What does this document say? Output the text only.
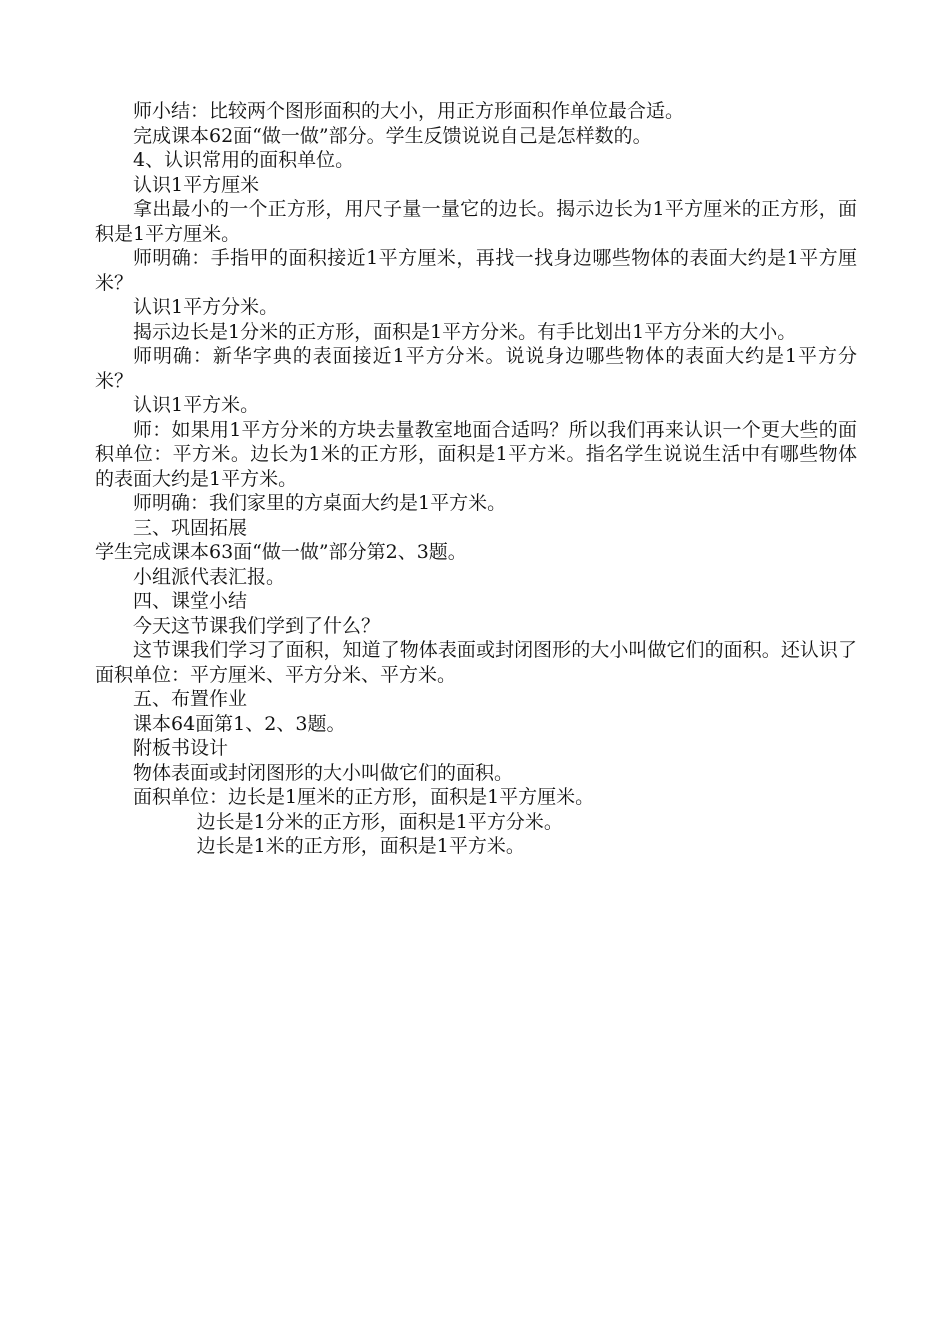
师小结：比较两个图形面积的大小，用正方形面积作单位最合适。

完成课本62面“做一做”部分。学生反馈说说自己是怎样数的。

4、认识常用的面积单位。

认识1平方厘米

拿出最小的一个正方形，用尺子量一量它的边长。揭示边长为1平方厘米的正方形，面积是1平方厘米。

师明确：手指甲的面积接近1平方厘米，再找一找身边哪些物体的表面大约是1平方厘米？

认识1平方分米。

揭示边长是1分米的正方形，面积是1平方分米。有手比划出1平方分米的大小。

师明确：新华字典的表面接近1平方分米。说说身边哪些物体的表面大约是1平方分米？

认识1平方米。

师：如果用1平方分米的方块去量教室地面合适吗？所以我们再来认识一个更大些的面积单位：平方米。边长为1米的正方形，面积是1平方米。指名学生说说生活中有哪些物体的表面大约是1平方米。

师明确：我们家里的方桌面大约是1平方米。

三、巩固拓展

学生完成课本63面“做一做”部分第2、3题。

小组派代表汇报。

四、课堂小结

今天这节课我们学到了什么？

这节课我们学习了面积，知道了物体表面或封闭图形的大小叫做它们的面积。还认识了面积单位：平方厘米、平方分米、平方米。

五、布置作业

课本64面第1、2、3题。

附板书设计

物体表面或封闭图形的大小叫做它们的面积。

面积单位：边长是1厘米的正方形，面积是1平方厘米。

边长是1分米的正方形，面积是1平方分米。

边长是1米的正方形，面积是1平方米。
